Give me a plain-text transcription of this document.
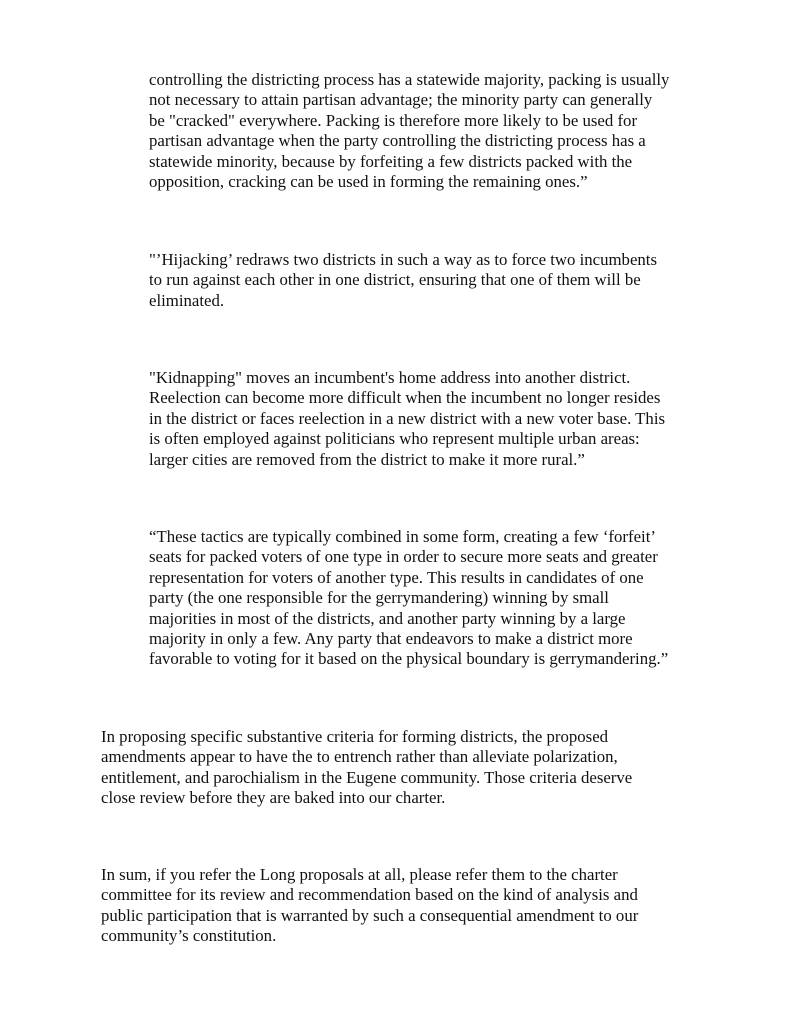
controlling the districting process has a statewide majority, packing is usually
not necessary to attain partisan advantage; the minority party can generally
be "cracked" everywhere. Packing is therefore more likely to be used for
partisan advantage when the party controlling the districting process has a
statewide minority, because by forfeiting a few districts packed with the
opposition, cracking can be used in forming the remaining ones.”

"’Hijacking’ redraws two districts in such a way as to force two incumbents
to run against each other in one district, ensuring that one of them will be
eliminated.

"Kidnapping" moves an incumbent's home address into another district.
Reelection can become more difficult when the incumbent no longer resides
in the district or faces reelection in a new district with a new voter base. This
is often employed against politicians who represent multiple urban areas:
larger cities are removed from the district to make it more rural.”

“These tactics are typically combined in some form, creating a few ‘forfeit’
seats for packed voters of one type in order to secure more seats and greater
representation for voters of another type. This results in candidates of one
party (the one responsible for the gerrymandering) winning by small
majorities in most of the districts, and another party winning by a large
majority in only a few. Any party that endeavors to make a district more
favorable to voting for it based on the physical boundary is gerrymandering.”

In proposing specific substantive criteria for forming districts, the proposed
amendments appear to have the to entrench rather than alleviate polarization,
entitlement, and parochialism in the Eugene community. Those criteria deserve
close review before they are baked into our charter.

In sum, if you refer the Long proposals at all, please refer them to the charter
committee for its review and recommendation based on the kind of analysis and
public participation that is warranted by such a consequential amendment to our
community’s constitution.
